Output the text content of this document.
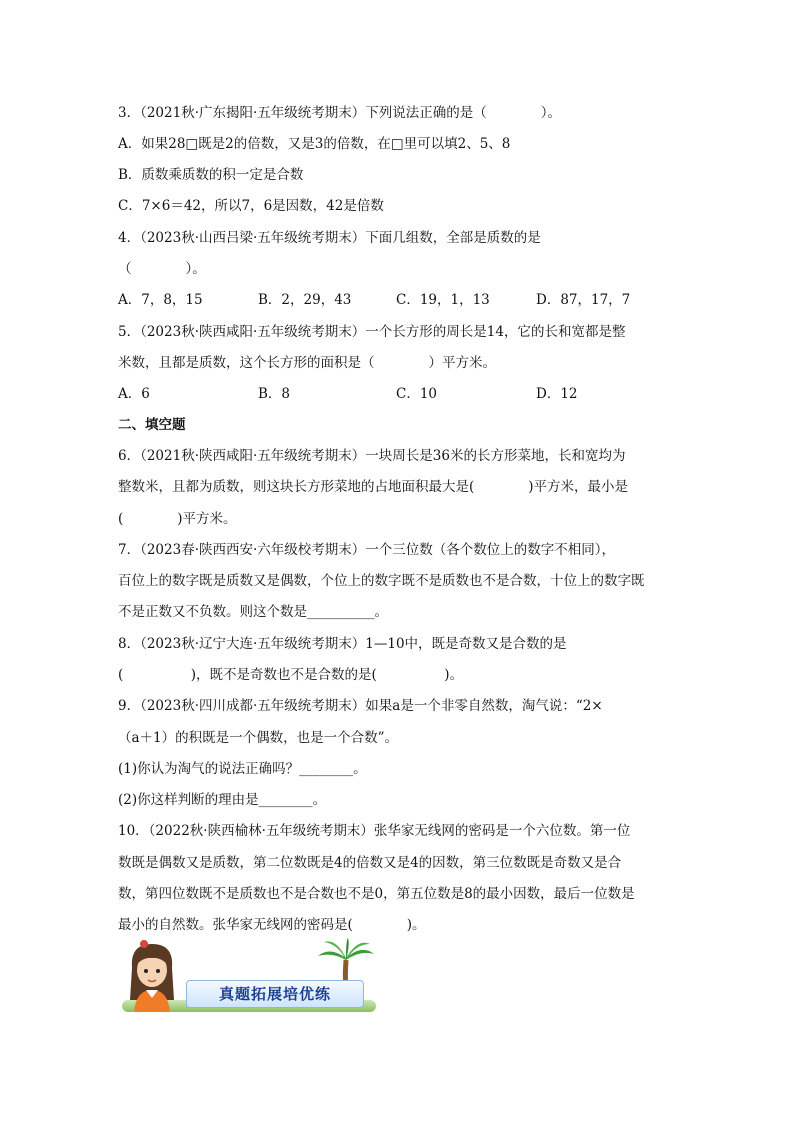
3．（2021秋·广东揭阳·五年级统考期末）下列说法正确的是（　　　　）。
A．如果28□既是2的倍数，又是3的倍数，在□里可以填2、5、8
B．质数乘质数的积一定是合数
C．7×6＝42，所以7，6是因数，42是倍数
4．（2023秋·山西吕梁·五年级统考期末）下面几组数，全部是质数的是
（　　　　）。
A．7，8，15	B．2，29，43	C．19，1，13	D．87，17，7
5．（2023秋·陕西咸阳·五年级统考期末）一个长方形的周长是14，它的长和宽都是整
米数，且都是质数，这个长方形的面积是（　　　　）平方米。
A．6	B．8	C．10	D．12
二、填空题
6．（2021秋·陕西咸阳·五年级统考期末）一块周长是36米的长方形菜地，长和宽均为
整数米，且都为质数，则这块长方形菜地的占地面积最大是(　　　　)平方米，最小是
(　　　　)平方米。
7．（2023春·陕西西安·六年级校考期末）一个三位数（各个数位上的数字不相同），
百位上的数字既是质数又是偶数，个位上的数字既不是质数也不是合数，十位上的数字既
不是正数又不负数。则这个数是__________。
8．（2023秋·辽宁大连·五年级统考期末）1—10中，既是奇数又是合数的是
(　　　　　)，既不是奇数也不是合数的是(　　　　　)。
9．（2023秋·四川成都·五年级统考期末）如果a是一个非零自然数，淘气说：“2×
（a＋1）的积既是一个偶数，也是一个合数”。
(1)你认为淘气的说法正确吗？________。
(2)你这样判断的理由是________。
10．（2022秋·陕西榆林·五年级统考期末）张华家无线网的密码是一个六位数。第一位
数既是偶数又是质数，第二位数既是4的倍数又是4的因数，第三位数既是奇数又是合
数，第四位数既不是质数也不是合数也不是0，第五位数是8的最小因数，最后一位数是
最小的自然数。张华家无线网的密码是(　　　　)。
真题拓展培优练
